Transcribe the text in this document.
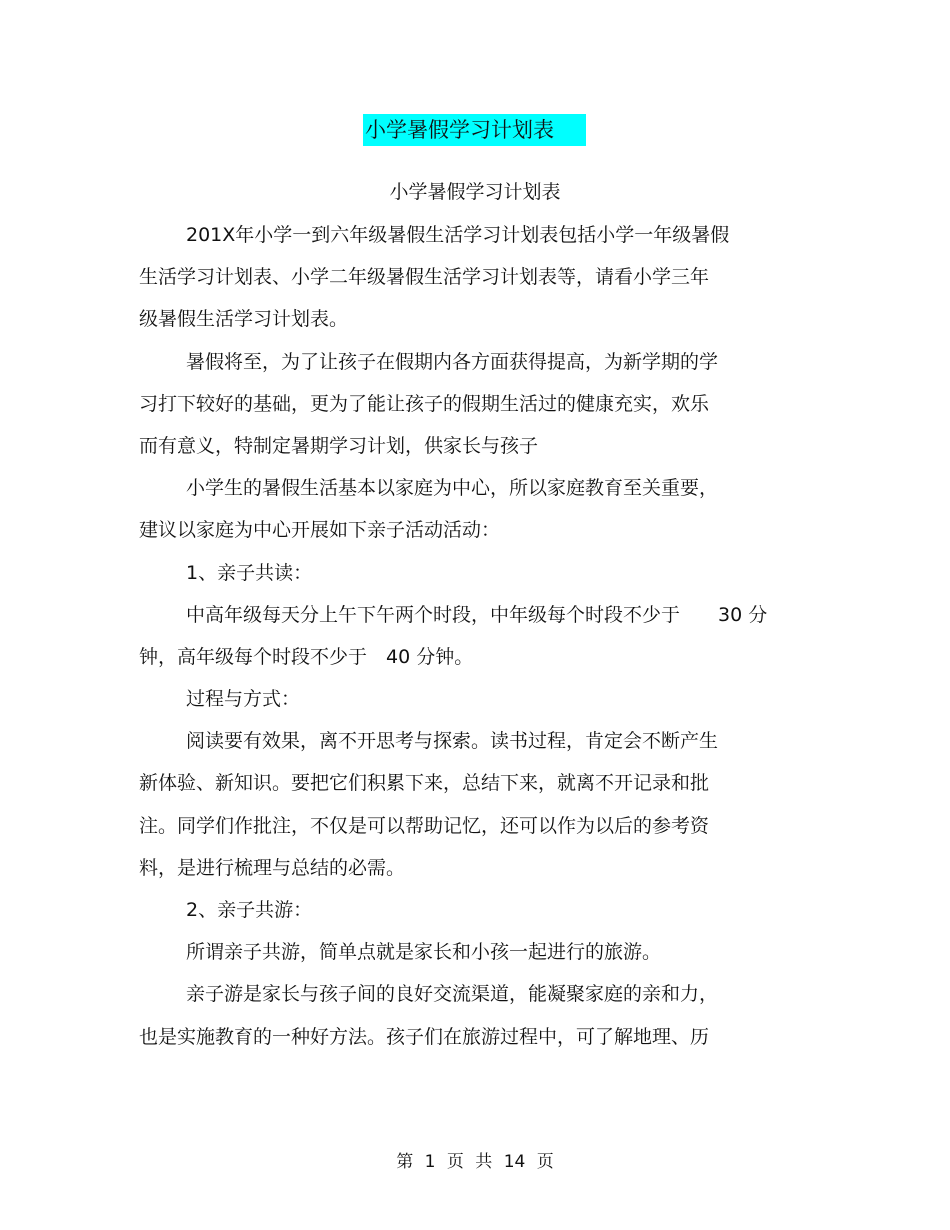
小学暑假学习计划表
小学暑假学习计划表
201X年小学一到六年级暑假生活学习计划表包括小学一年级暑假
生活学习计划表、小学二年级暑假生活学习计划表等，请看小学三年
级暑假生活学习计划表。
暑假将至，为了让孩子在假期内各方面获得提高，为新学期的学
习打下较好的基础，更为了能让孩子的假期生活过的健康充实，欢乐
而有意义，特制定暑期学习计划，供家长与孩子
小学生的暑假生活基本以家庭为中心，所以家庭教育至关重要，
建议以家庭为中心开展如下亲子活动活动：
1、亲子共读：
中高年级每天分上午下午两个时段，中年级每个时段不少于　　30 分
钟，高年级每个时段不少于　40 分钟。
过程与方式：
阅读要有效果，离不开思考与探索。读书过程，肯定会不断产生
新体验、新知识。要把它们积累下来，总结下来，就离不开记录和批
注。同学们作批注，不仅是可以帮助记忆，还可以作为以后的参考资
料，是进行梳理与总结的必需。
2、亲子共游：
所谓亲子共游，简单点就是家长和小孩一起进行的旅游。
亲子游是家长与孩子间的良好交流渠道，能凝聚家庭的亲和力，
也是实施教育的一种好方法。孩子们在旅游过程中，可了解地理、历
第 1 页 共 14 页
